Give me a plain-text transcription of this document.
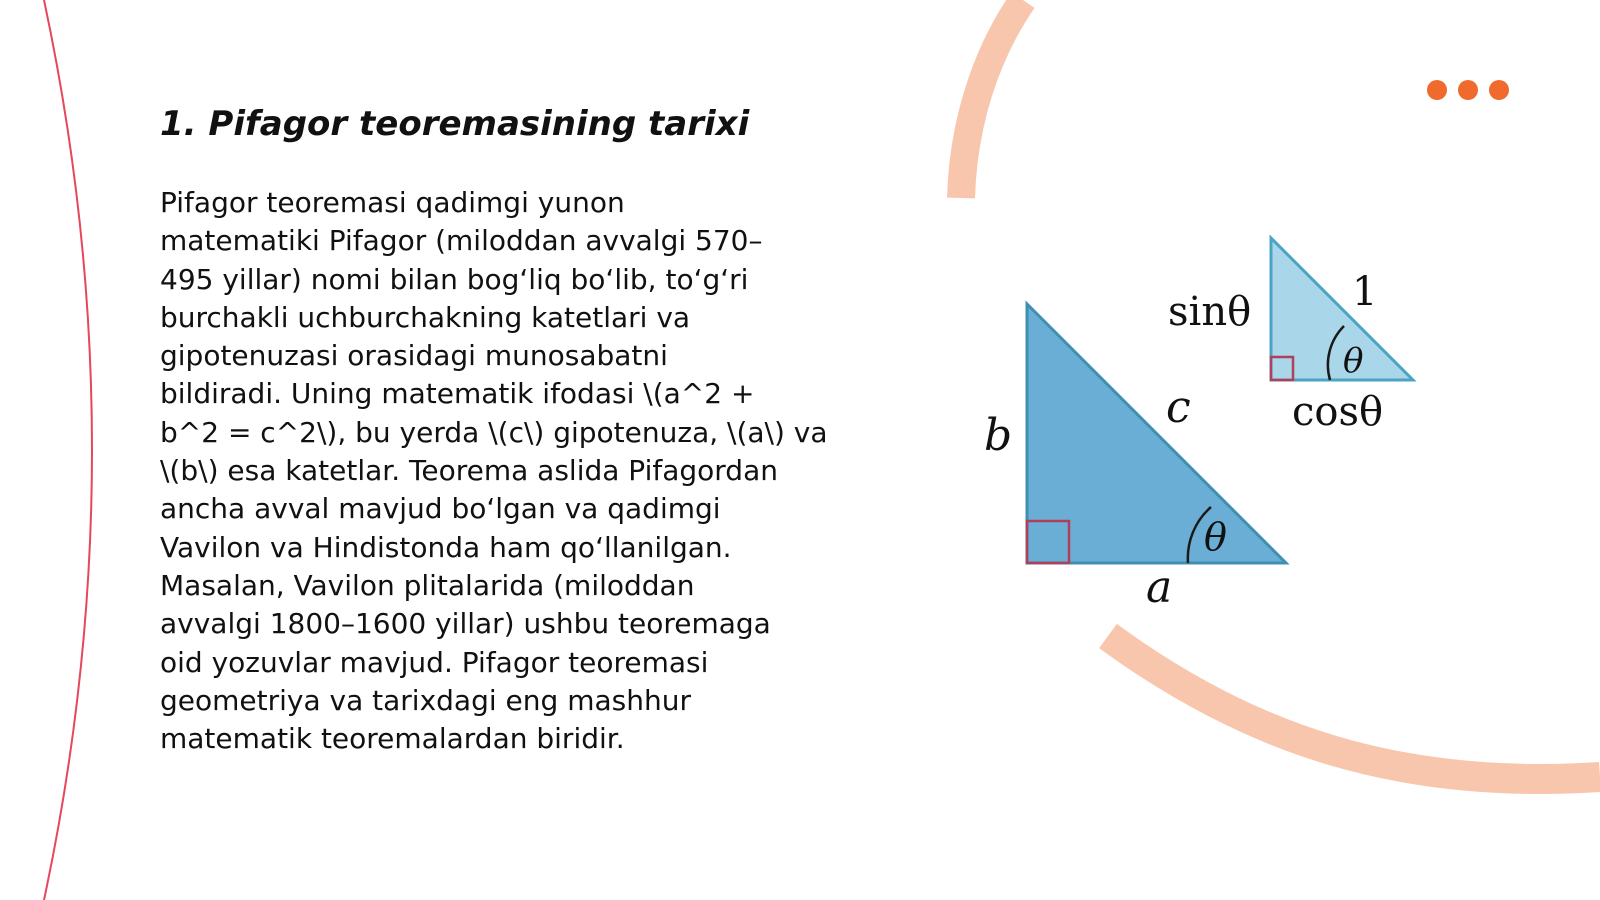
1. Pifagor teoremasining tarixi
Pifagor teoremasi qadimgi yunon
matematiki Pifagor (miloddan avvalgi 570–
495 yillar) nomi bilan bog‘liq bo‘lib, to‘g‘ri
burchakli uchburchakning katetlari va
gipotenuzasi orasidagi munosabatni
bildiradi. Uning matematik ifodasi \(a^2 +
b^2 = c^2\), bu yerda \(c\) gipotenuza, \(a\) va
\(b\) esa katetlar. Teorema aslida Pifagordan
ancha avval mavjud bo‘lgan va qadimgi
Vavilon va Hindistonda ham qo‘llanilgan.
Masalan, Vavilon plitalarida (miloddan
avvalgi 1800–1600 yillar) ushbu teoremaga
oid yozuvlar mavjud. Pifagor teoremasi
geometriya va tarixdagi eng mashhur
matematik teoremalardan biridir.
θ
b
c
a
θ
1
sinθ
cosθ
